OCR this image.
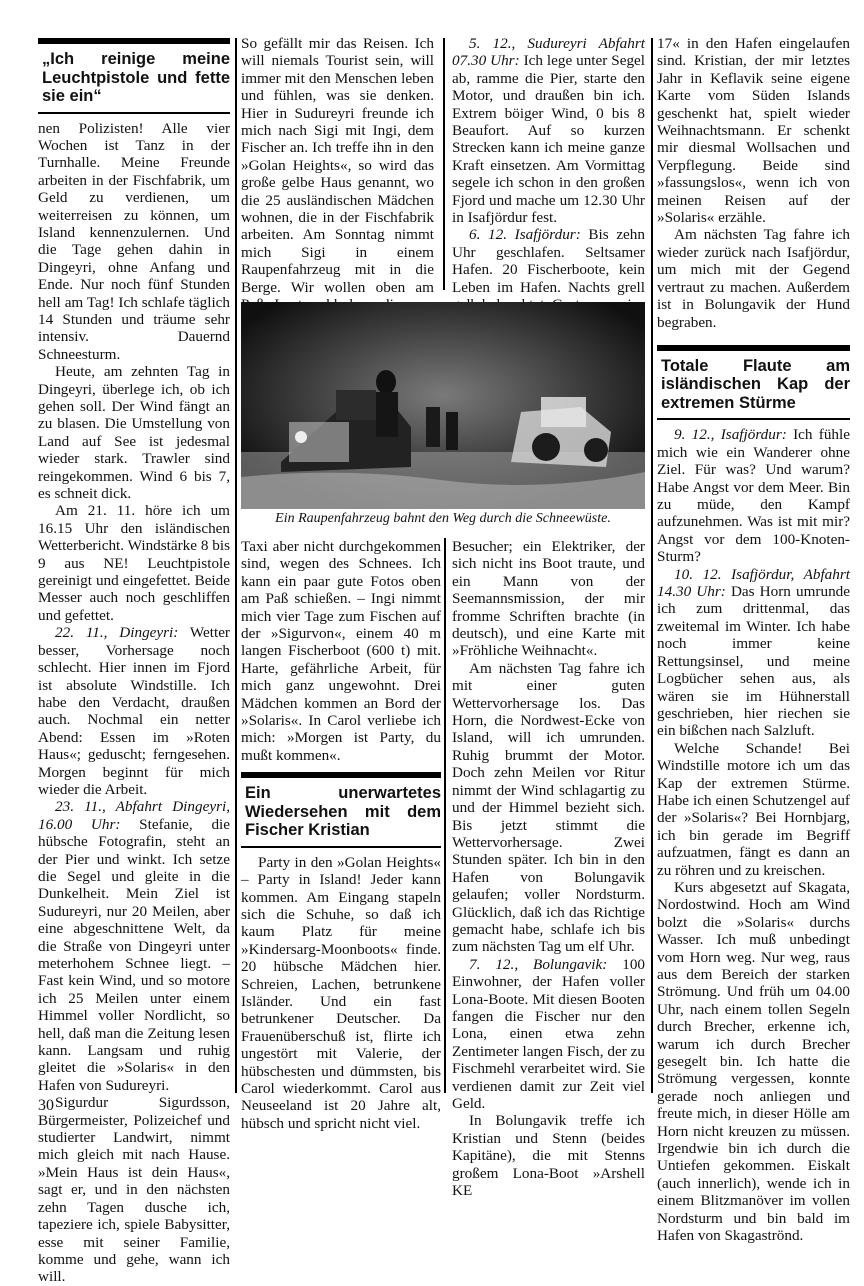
„Ich reinige meine Leuchtpistole und fette sie ein“

nen Polizisten! Alle vier Wochen ist Tanz in der Turnhalle. Meine Freunde arbeiten in der Fischfabrik, um Geld zu verdienen, um weiterreisen zu können, um Island kennenzulernen. Und die Tage gehen dahin in Dingeyri, ohne Anfang und Ende. Nur noch fünf Stunden hell am Tag! Ich schlafe täglich 14 Stunden und träume sehr intensiv. Dauernd Schneesturm.

Heute, am zehnten Tag in Dingeyri, überlege ich, ob ich gehen soll. Der Wind fängt an zu blasen. Die Umstellung von Land auf See ist jedesmal wieder stark. Trawler sind reingekommen. Wind 6 bis 7, es schneit dick.

Am 21. 11. höre ich um 16.15 Uhr den isländischen Wetterbericht. Windstärke 8 bis 9 aus NE! Leuchtpistole gereinigt und eingefettet. Beide Messer auch noch geschliffen und gefettet.

22. 11., Dingeyri: Wetter besser, Vorhersage noch schlecht. Hier innen im Fjord ist absolute Windstille. Ich habe den Verdacht, draußen auch. Nochmal ein netter Abend: Essen im »Roten Haus«; geduscht; ferngesehen. Morgen beginnt für mich wieder die Arbeit.

23. 11., Abfahrt Dingeyri, 16.00 Uhr: Stefanie, die hübsche Fotografin, steht an der Pier und winkt. Ich setze die Segel und gleite in die Dunkelheit. Mein Ziel ist Sudureyri, nur 20 Meilen, aber eine abgeschnittene Welt, da die Straße von Dingeyri unter meterhohem Schnee liegt. – Fast kein Wind, und so motore ich 25 Meilen unter einem Himmel voller Nordlicht, so hell, daß man die Zeitung lesen kann. Langsam und ruhig gleitet die »Solaris« in den Hafen von Sudureyri.

Sigurdur Sigurdsson, Bürgermeister, Polizeichef und studierter Landwirt, nimmt mich gleich mit nach Hause. »Mein Haus ist dein Haus«, sagt er, und in den nächsten zehn Tagen dusche ich, tapeziere ich, spiele Babysitter, esse mit seiner Familie, komme und gehe, wann ich will.

So gefällt mir das Reisen. Ich will niemals Tourist sein, will immer mit den Menschen leben und fühlen, was sie denken. Hier in Sudureyri freunde ich mich nach Sigi mit Ingi, dem Fischer an. Ich treffe ihn in den »Golan Heights«, so wird das große gelbe Haus genannt, wo die 25 ausländischen Mädchen wohnen, die in der Fischfabrik arbeiten. Am Sonntag nimmt mich Sigi in einem Raupenfahrzeug mit in die Berge. Wir wollen oben am

5. 12., Sudureyri Abfahrt 07.30 Uhr: Ich lege unter Segel ab, ramme die Pier, starte den Motor, und draußen bin ich. Extrem böiger Wind, 0 bis 8 Beaufort. Auf so kurzen Strecken kann ich meine ganze Kraft einsetzen. Am Vormittag segele ich schon in den großen Fjord und mache um 12.30 Uhr in Isafjördur fest.

6. 12. Isafjördur: Bis zehn Uhr geschlafen. Seltsamer Hafen. 20 Fischerboote, kein Leben im Hafen. Nachts grell

Ein Raupenfahrzeug bahnt den Weg durch die Schneewüste.

Taxi aber nicht durchgekommen sind, wegen des Schnees. Ich kann ein paar gute Fotos oben am Paß schießen. – Ingi nimmt mich vier Tage zum Fischen auf der »Sigurvon«, einem 40 m langen Fischerboot (600 t) mit. Harte, gefährliche Arbeit, für mich ganz ungewohnt. Drei Mädchen kommen an Bord der »Solaris«. In Carol verliebe ich mich: »Morgen ist Party, du mußt kommen«.

Ein unerwartetes Wiedersehen mit dem Fischer Kristian

Party in den »Golan Heights« – Party in Island! Jeder kann kommen. Am Eingang stapeln sich die Schuhe, so daß ich kaum Platz für meine »Kindersarg-Moonboots« finde. 20 hübsche Mädchen hier. Schreien, Lachen, betrunkene Isländer. Und ein fast betrunkener Deutscher. Da Frauenüberschuß ist, flirte ich ungestört mit Valerie, der hübschesten und dümmsten, bis Carol wiederkommt. Carol aus Neuseeland ist 20 Jahre alt, hübsch und spricht nicht viel.

Besucher; ein Elektriker, der sich nicht ins Boot traute, und ein Mann von der Seemannsmission, der mir fromme Schriften brachte (in deutsch), und eine Karte mit »Fröhliche Weihnacht«.

Am nächsten Tag fahre ich mit einer guten Wettervorhersage los. Das Horn, die Nordwest-Ecke von Island, will ich umrunden. Ruhig brummt der Motor. Doch zehn Meilen vor Ritur nimmt der Wind schlagartig zu und der Himmel bezieht sich. Bis jetzt stimmt die Wettervorhersage. Zwei Stunden später. Ich bin in den Hafen von Bolungavik gelaufen; voller Nordsturm. Glücklich, daß ich das Richtige gemacht habe, schlafe ich bis zum nächsten Tag um elf Uhr.

7. 12., Bolungavik: 100 Einwohner, der Hafen voller Lona-Boote. Mit diesen Booten fangen die Fischer nur den Lona, einen etwa zehn Zentimeter langen Fisch, der zu Fischmehl verarbeitet wird. Sie verdienen damit zur Zeit viel Geld.

In Bolungavik treffe ich Kristian und Stenn (beides Kapitäne), die mit Stenns großem Lona-Boot »Arshell KE

17« in den Hafen eingelaufen sind. Kristian, der mir letztes Jahr in Keflavik seine eigene Karte vom Süden Islands geschenkt hat, spielt wieder Weihnachtsmann. Er schenkt mir diesmal Wollsachen und Verpflegung. Beide sind »fassungslos«, wenn ich von meinen Reisen auf der »Solaris« erzähle.

Am nächsten Tag fahre ich wieder zurück nach Isafjördur, um mich mit der Gegend vertraut zu machen. Außerdem ist in Bolungavik der Hund begraben.

Totale Flaute am isländischen Kap der extremen Stürme

9. 12., Isafjördur: Ich fühle mich wie ein Wanderer ohne Ziel. Für was? Und warum? Habe Angst vor dem Meer. Bin zu müde, den Kampf aufzunehmen. Was ist mit mir? Angst vor dem 100-Knoten-Sturm?

10. 12. Isafjördur, Abfahrt 14.30 Uhr: Das Horn umrunde ich zum drittenmal, das zweitemal im Winter. Ich habe noch immer keine Rettungsinsel, und meine Logbücher sehen aus, als wären sie im Hühnerstall geschrieben, hier riechen sie ein bißchen nach Salzluft.

Welche Schande! Bei Windstille motore ich um das Kap der extremen Stürme. Habe ich einen Schutzengel auf der »Solaris«? Bei Hornbjarg, ich bin gerade im Begriff aufzuatmen, fängt es dann an zu röhren und zu kreischen.

Kurs abgesetzt auf Skagata, Nordostwind. Hoch am Wind bolzt die »Solaris« durchs Wasser. Ich muß unbedingt vom Horn weg. Nur weg, raus aus dem Bereich der starken Strömung. Und früh um 04.00 Uhr, nach einem tollen Segeln durch Brecher, erkenne ich, warum ich durch Brecher gesegelt bin. Ich hatte die Strömung vergessen, konnte gerade noch anliegen und freute mich, in dieser Hölle am Horn nicht kreuzen zu müssen. Irgendwie bin ich durch die Untiefen gekommen. Eiskalt (auch innerlich), wende ich in einem Blitzmanöver im vollen Nordsturm und bin bald im Hafen von Skagaströnd.

30
